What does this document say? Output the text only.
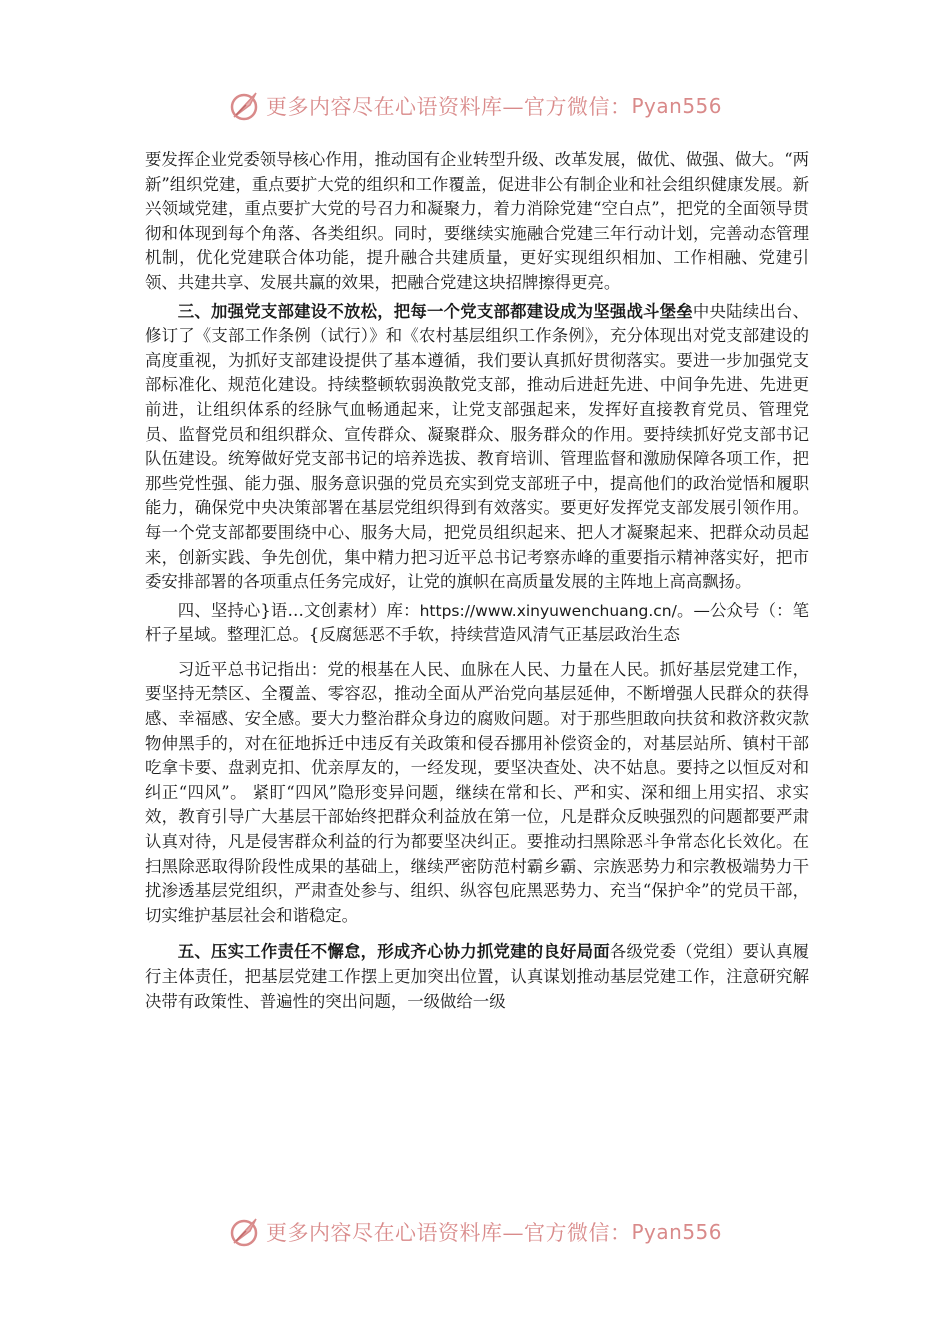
更多内容尽在心语资料库—官方微信： Pyan556

要发挥企业党委领导核心作用，推动国有企业转型升级、改革发展，做优、做强、做大。“两新”组织党建，重点要扩大党的组织和工作覆盖，促进非公有制企业和社会组织健康发展。新兴领域党建，重点要扩大党的号召力和凝聚力，着力消除党建“空白点”，把党的全面领导贯彻和体现到每个角落、各类组织。同时，要继续实施融合党建三年行动计划，完善动态管理机制，优化党建联合体功能，提升融合共建质量，更好实现组织相加、工作相融、党建引领、共建共享、发展共赢的效果，把融合党建这块招牌擦得更亮。

三、加强党支部建设不放松，把每一个党支部都建设成为坚强战斗堡垒中央陆续出台、修订了《支部工作条例（试行）》和《农村基层组织工作条例》，充分体现出对党支部建设的高度重视，为抓好支部建设提供了基本遵循，我们要认真抓好贯彻落实。要进一步加强党支部标准化、规范化建设。持续整顿软弱涣散党支部，推动后进赶先进、中间争先进、先进更前进，让组织体系的经脉气血畅通起来，让党支部强起来，发挥好直接教育党员、管理党员、监督党员和组织群众、宣传群众、凝聚群众、服务群众的作用。要持续抓好党支部书记队伍建设。统筹做好党支部书记的培养选拔、教育培训、管理监督和激励保障各项工作，把那些党性强、能力强、服务意识强的党员充实到党支部班子中，提高他们的政治觉悟和履职能力，确保党中央决策部署在基层党组织得到有效落实。要更好发挥党支部发展引领作用。每一个党支部都要围绕中心、服务大局，把党员组织起来、把人才凝聚起来、把群众动员起来，创新实践、争先创优，集中精力把习近平总书记考察赤峰的重要指示精神落实好，把市委安排部署的各项重点任务完成好，让党的旗帜在高质量发展的主阵地上高高飘扬。

四、坚持心}语…文创素材）库：https://www.xinyuwenchuang.cn/。—公众号（：笔杆子星域。整理汇总。{反腐惩恶不手软，持续营造风清气正基层政治生态

习近平总书记指出：党的根基在人民、血脉在人民、力量在人民。抓好基层党建工作，要坚持无禁区、全覆盖、零容忍，推动全面从严治党向基层延伸，不断增强人民群众的获得感、幸福感、安全感。要大力整治群众身边的腐败问题。对于那些胆敢向扶贫和救济救灾款物伸黑手的，对在征地拆迁中违反有关政策和侵吞挪用补偿资金的，对基层站所、镇村干部吃拿卡要、盘剥克扣、优亲厚友的，一经发现，要坚决查处、决不姑息。要持之以恒反对和纠正“四风”。 紧盯“四风”隐形变异问题，继续在常和长、严和实、深和细上用实招、求实效，教育引导广大基层干部始终把群众利益放在第一位，凡是群众反映强烈的问题都要严肃认真对待，凡是侵害群众利益的行为都要坚决纠正。要推动扫黑除恶斗争常态化长效化。在扫黑除恶取得阶段性成果的基础上，继续严密防范村霸乡霸、宗族恶势力和宗教极端势力干扰渗透基层党组织，严肃查处参与、组织、纵容包庇黑恶势力、充当“保护伞”的党员干部，切实维护基层社会和谐稳定。

五、压实工作责任不懈怠，形成齐心协力抓党建的良好局面各级党委（党组）要认真履行主体责任，把基层党建工作摆上更加突出位置，认真谋划推动基层党建工作，注意研究解决带有政策性、普遍性的突出问题，一级做给一级

更多内容尽在心语资料库—官方微信： Pyan556
